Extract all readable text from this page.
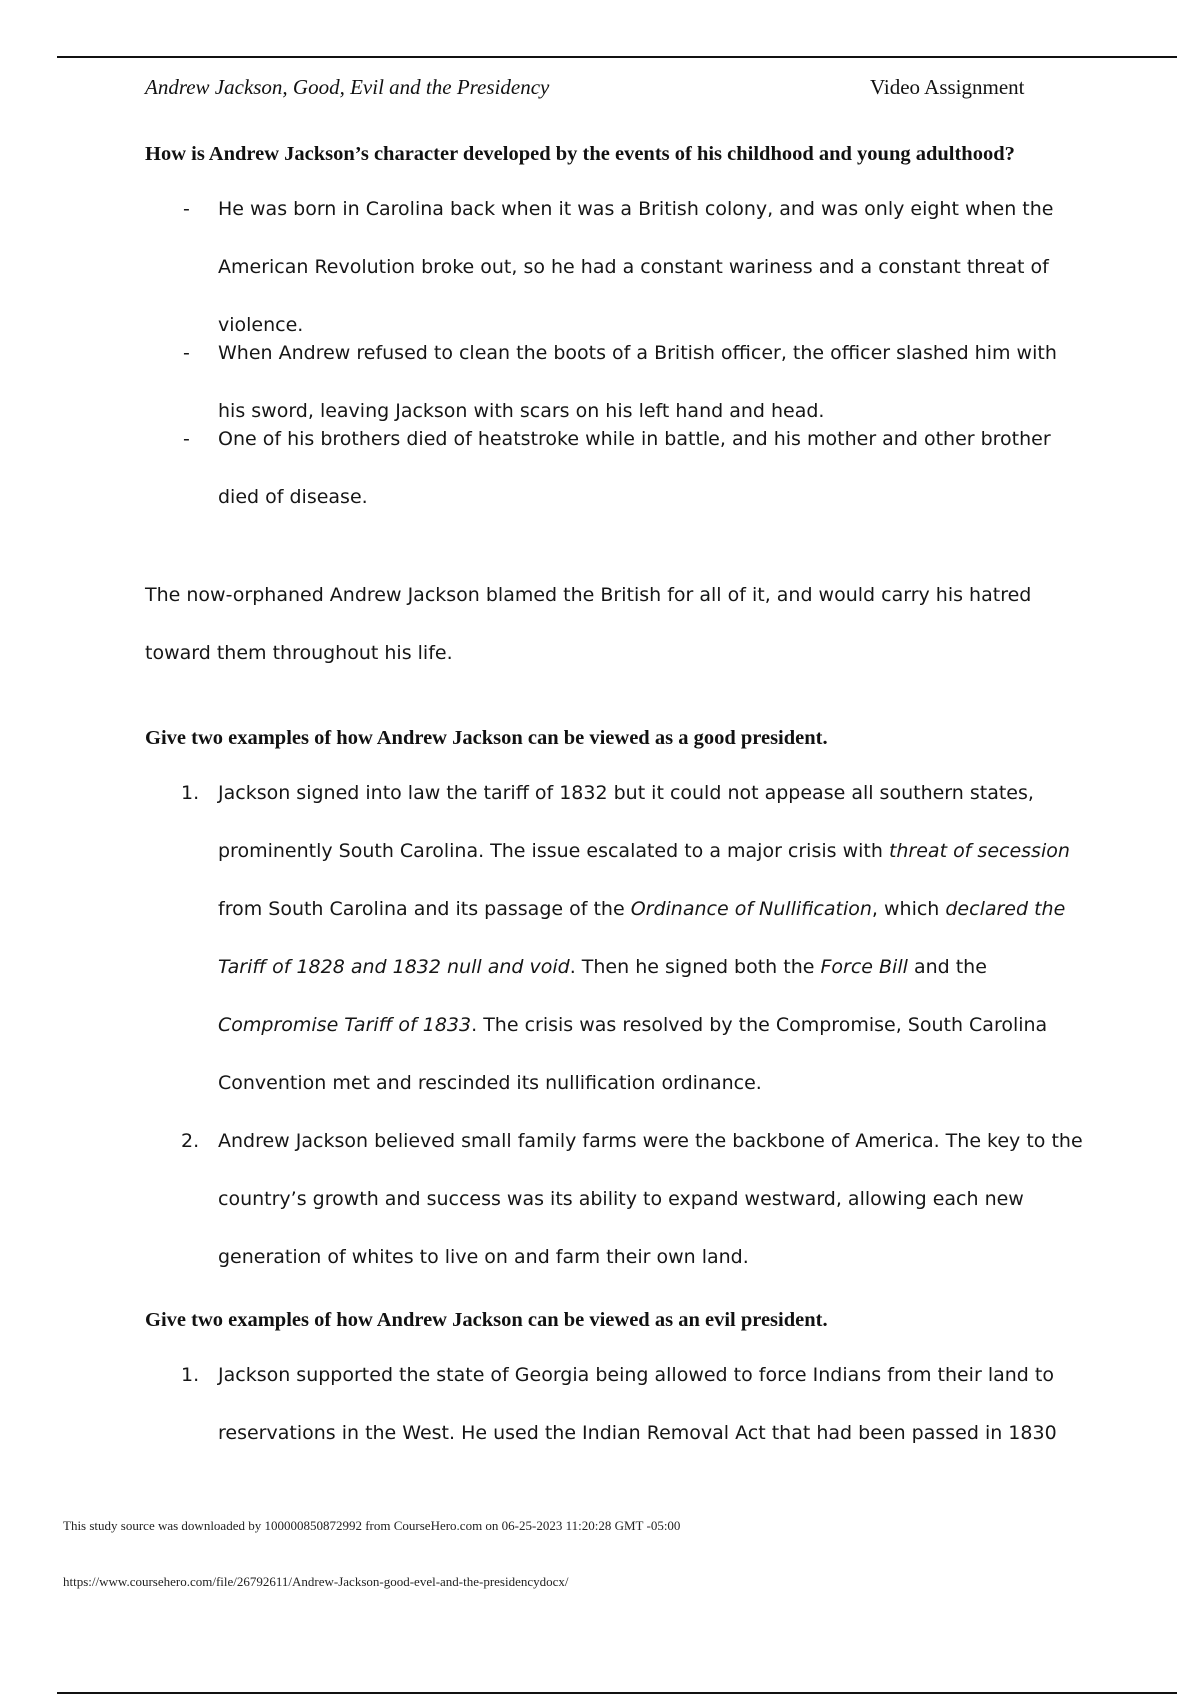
Andrew Jackson, Good, Evil and the Presidency	Video Assignment

How is Andrew Jackson’s character developed by the events of his childhood and young adulthood?

-	He was born in Carolina back when it was a British colony, and was only eight when the American Revolution broke out, so he had a constant wariness and a constant threat of violence.
-	When Andrew refused to clean the boots of a British officer, the officer slashed him with his sword, leaving Jackson with scars on his left hand and head.
-	One of his brothers died of heatstroke while in battle, and his mother and other brother died of disease.
The now-orphaned Andrew Jackson blamed the British for all of it, and would carry his hatred toward them throughout his life.

Give two examples of how Andrew Jackson can be viewed as a good president.

1. Jackson signed into law the tariff of 1832 but it could not appease all southern states, prominently South Carolina. The issue escalated to a major crisis with threat of secession from South Carolina and its passage of the Ordinance of Nullification, which declared the Tariff of 1828 and 1832 null and void. Then he signed both the Force Bill and the Compromise Tariff of 1833. The crisis was resolved by the Compromise, South Carolina Convention met and rescinded its nullification ordinance.
2. Andrew Jackson believed small family farms were the backbone of America. The key to the country’s growth and success was its ability to expand westward, allowing each new generation of whites to live on and farm their own land.

Give two examples of how Andrew Jackson can be viewed as an evil president.

1. Jackson supported the state of Georgia being allowed to force Indians from their land to reservations in the West. He used the Indian Removal Act that had been passed in 1830
This study source was downloaded by 100000850872992 from CourseHero.com on 06-25-2023 11:20:28 GMT -05:00
https://www.coursehero.com/file/26792611/Andrew-Jackson-good-evel-and-the-presidencydocx/
